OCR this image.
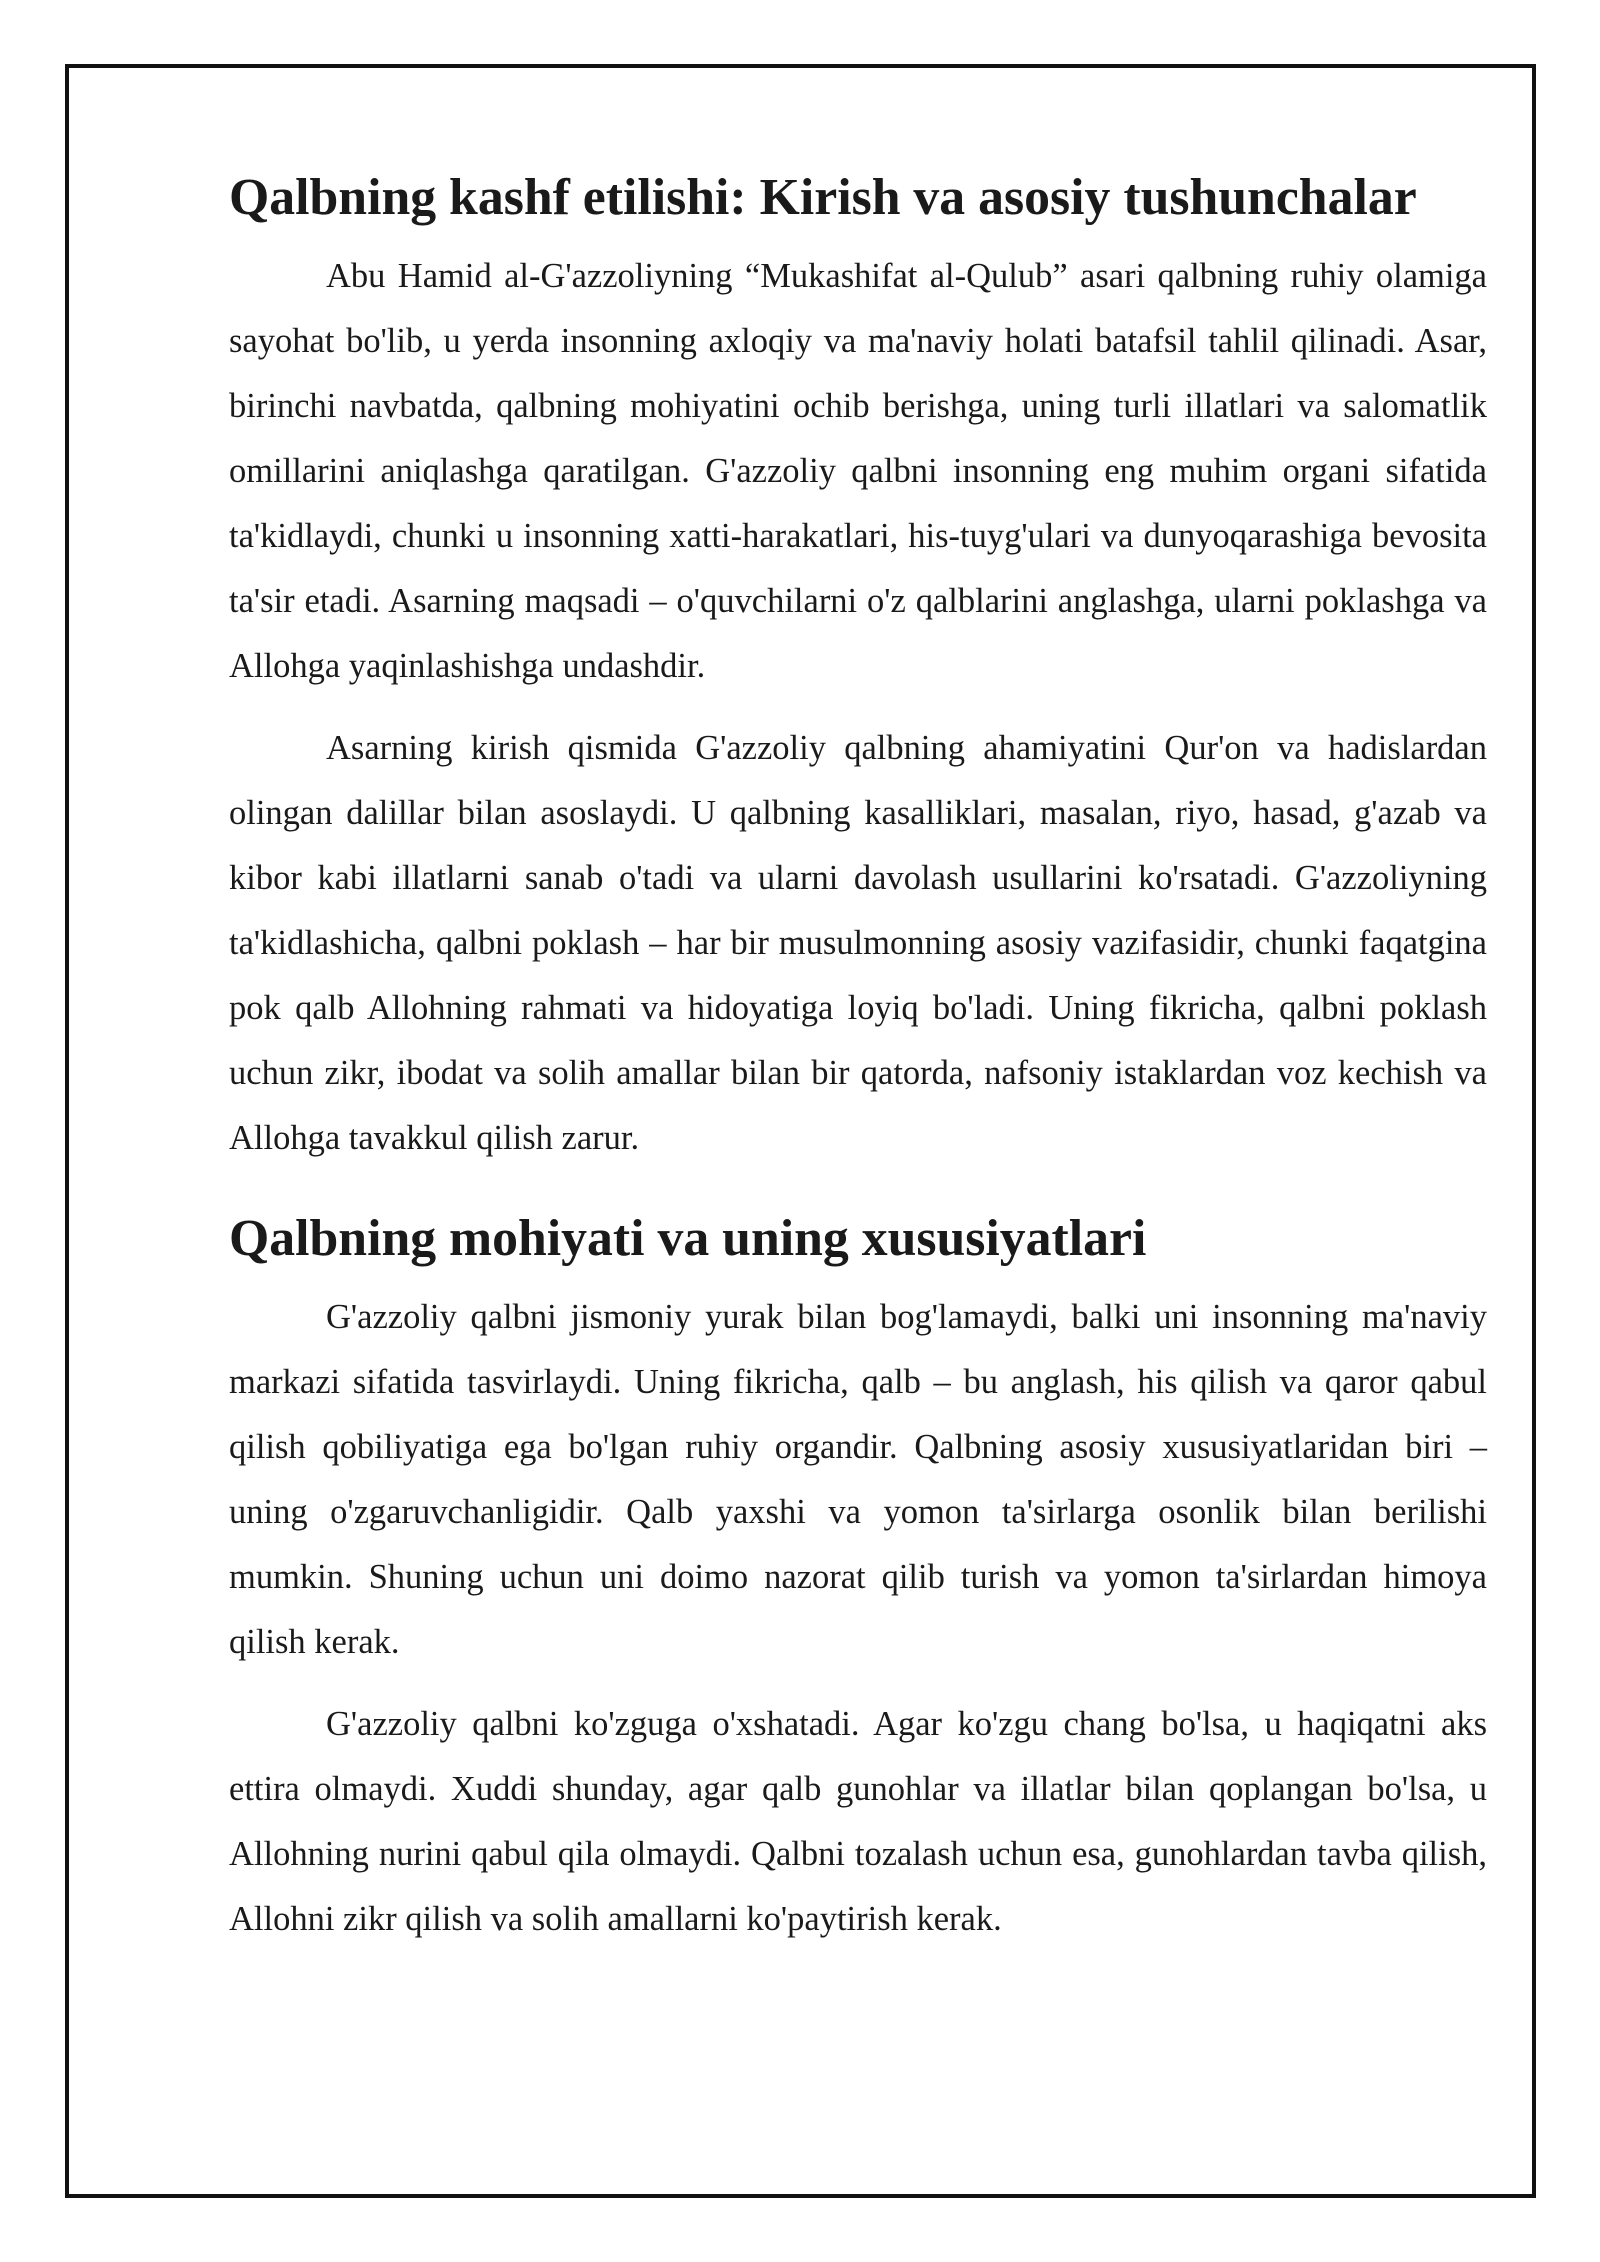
Qalbning kashf etilishi: Kirish va asosiy tushunchalar

Abu Hamid al-G'azzoliyning “Mukashifat al-Qulub” asari qalbning ruhiy olamiga sayohat bo'lib, u yerda insonning axloqiy va ma'naviy holati batafsil tahlil qilinadi. Asar, birinchi navbatda, qalbning mohiyatini ochib berishga, uning turli illatlari va salomatlik omillarini aniqlashga qaratilgan. G'azzoliy qalbni insonning eng muhim organi sifatida ta'kidlaydi, chunki u insonning xatti-harakatlari, his-tuyg'ulari va dunyoqarashiga bevosita ta'sir etadi. Asarning maqsadi – o'quvchilarni o'z qalblarini anglashga, ularni poklashga va Allohga yaqinlashishga undashdir.

Asarning kirish qismida G'azzoliy qalbning ahamiyatini Qur'on va hadislardan olingan dalillar bilan asoslaydi. U qalbning kasalliklari, masalan, riyo, hasad, g'azab va kibor kabi illatlarni sanab o'tadi va ularni davolash usullarini ko'rsatadi. G'azzoliyning ta'kidlashicha, qalbni poklash – har bir musulmonning asosiy vazifasidir, chunki faqatgina pok qalb Allohning rahmati va hidoyatiga loyiq bo'ladi. Uning fikricha, qalbni poklash uchun zikr, ibodat va solih amallar bilan bir qatorda, nafsoniy istaklardan voz kechish va Allohga tavakkul qilish zarur.

Qalbning mohiyati va uning xususiyatlari

G'azzoliy qalbni jismoniy yurak bilan bog'lamaydi, balki uni insonning ma'naviy markazi sifatida tasvirlaydi. Uning fikricha, qalb – bu anglash, his qilish va qaror qabul qilish qobiliyatiga ega bo'lgan ruhiy organdir. Qalbning asosiy xususiyatlaridan biri – uning o'zgaruvchanligidir. Qalb yaxshi va yomon ta'sirlarga osonlik bilan berilishi mumkin. Shuning uchun uni doimo nazorat qilib turish va yomon ta'sirlardan himoya qilish kerak.

G'azzoliy qalbni ko'zguga o'xshatadi. Agar ko'zgu chang bo'lsa, u haqiqatni aks ettira olmaydi. Xuddi shunday, agar qalb gunohlar va illatlar bilan qoplangan bo'lsa, u Allohning nurini qabul qila olmaydi. Qalbni tozalash uchun esa, gunohlardan tavba qilish, Allohni zikr qilish va solih amallarni ko'paytirish kerak.
